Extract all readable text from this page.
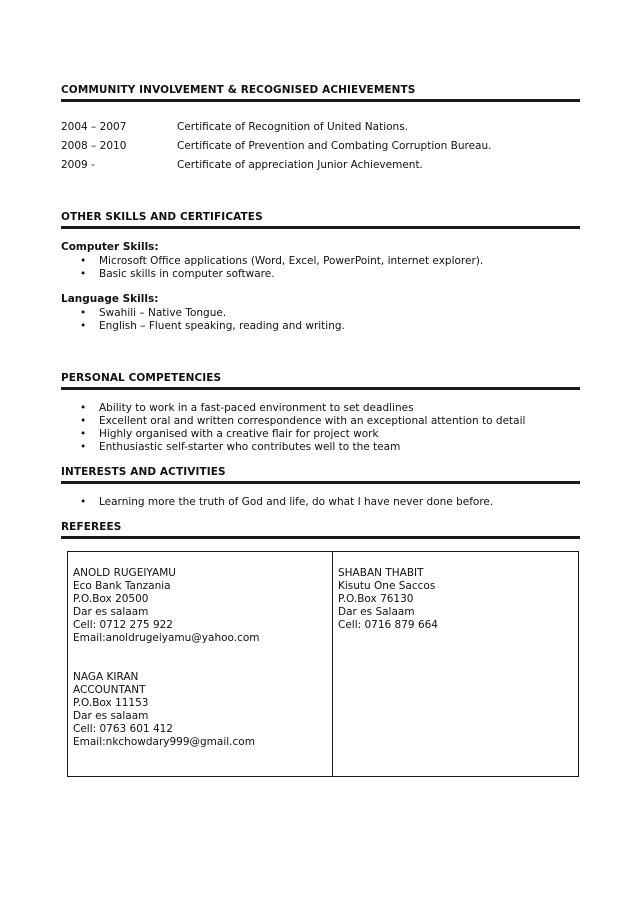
COMMUNITY INVOLVEMENT & RECOGNISED ACHIEVEMENTS
2004 – 2007	Certificate of Recognition of United Nations.
2008 – 2010	Certificate of Prevention and Combating Corruption Bureau.
2009 -	Certificate of appreciation Junior Achievement.
OTHER SKILLS AND CERTIFICATES
Computer Skills:
• Microsoft Office applications (Word, Excel, PowerPoint, internet explorer).
• Basic skills in computer software.
Language Skills:
• Swahili – Native Tongue.
• English – Fluent speaking, reading and writing.
PERSONAL COMPETENCIES
• Ability to work in a fast-paced environment to set deadlines
• Excellent oral and written correspondence with an exceptional attention to detail
• Highly organised with a creative flair for project work
• Enthusiastic self-starter who contributes well to the team
INTERESTS AND ACTIVITIES
• Learning more the truth of God and life, do what I have never done before.
REFEREES
ANOLD RUGEIYAMU
Eco Bank Tanzania
P.O.Box 20500
Dar es salaam
Cell: 0712 275 922
Email:anoldrugeiyamu@yahoo.com
NAGA KIRAN
ACCOUNTANT
P.O.Box 11153
Dar es salaam
Cell: 0763 601 412
Email:nkchowdary999@gmail.com
SHABAN THABIT
Kisutu One Saccos
P.O.Box 76130
Dar es Salaam
Cell: 0716 879 664
